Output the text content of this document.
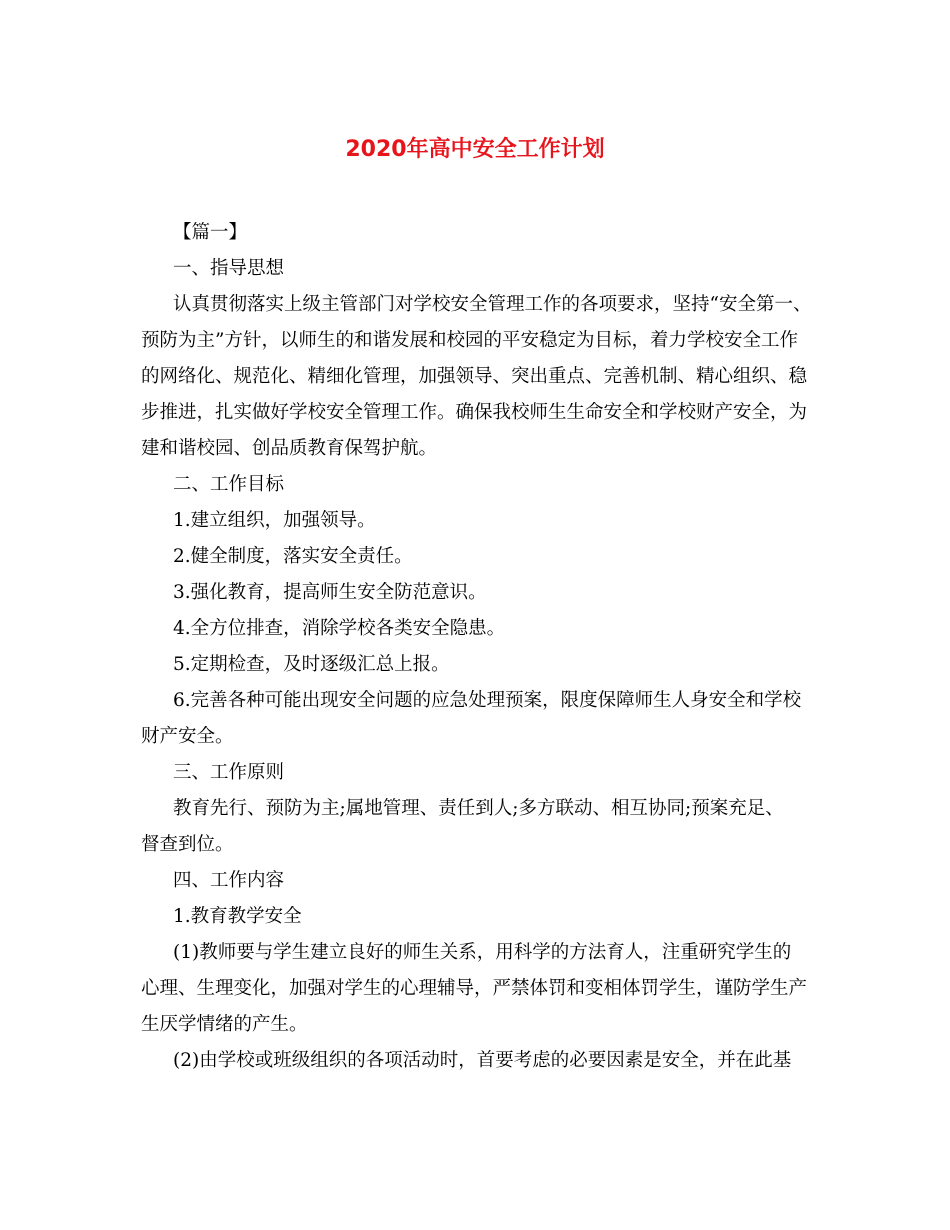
2020年高中安全工作计划
【篇一】
一、指导思想
认真贯彻落实上级主管部门对学校安全管理工作的各项要求，坚持“安全第一、
预防为主”方针，以师生的和谐发展和校园的平安稳定为目标，着力学校安全工作
的网络化、规范化、精细化管理，加强领导、突出重点、完善机制、精心组织、稳
步推进，扎实做好学校安全管理工作。确保我校师生生命安全和学校财产安全，为
建和谐校园、创品质教育保驾护航。
二、工作目标
1.建立组织，加强领导。
2.健全制度，落实安全责任。
3.强化教育，提高师生安全防范意识。
4.全方位排查，消除学校各类安全隐患。
5.定期检查，及时逐级汇总上报。
6.完善各种可能出现安全问题的应急处理预案，限度保障师生人身安全和学校
财产安全。
三、工作原则
教育先行、预防为主;属地管理、责任到人;多方联动、相互协同;预案充足、
督查到位。
四、工作内容
1.教育教学安全
(1)教师要与学生建立良好的师生关系，用科学的方法育人，注重研究学生的
心理、生理变化，加强对学生的心理辅导，严禁体罚和变相体罚学生，谨防学生产
生厌学情绪的产生。
(2)由学校或班级组织的各项活动时，首要考虑的必要因素是安全，并在此基
